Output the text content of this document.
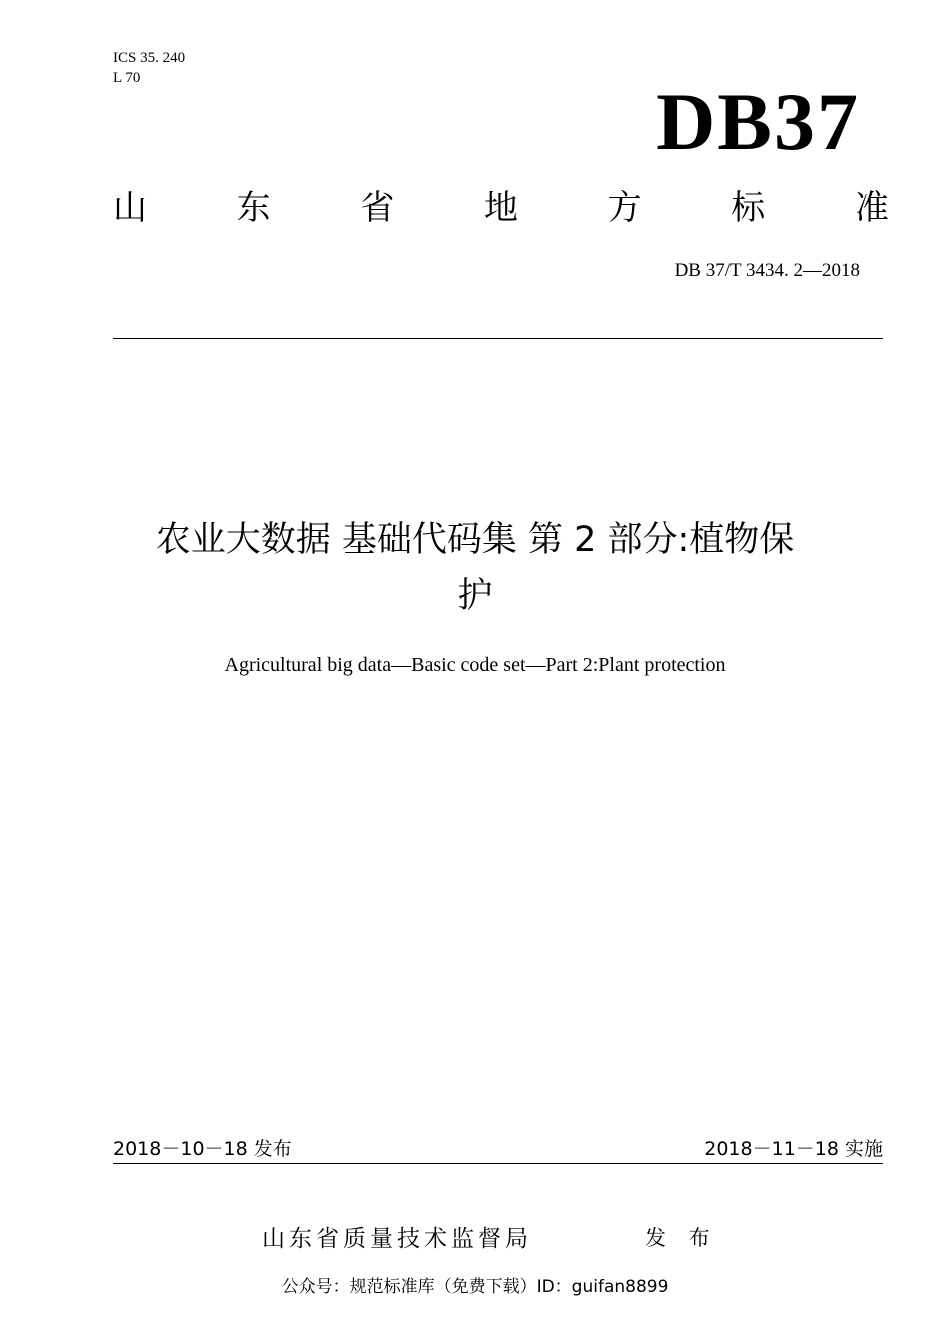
ICS 35. 240
L 70	DB37
山	东	省	地	方	标	准
DB 37/T 3434. 2—2018
农业大数据 基础代码集 第 2 部分:植物保
护
Agricultural big data—Basic code set—Part 2:Plant protection
2018－10－18 发布	2018－11－18 实施
山东省质量技术监督局	发 布
公众号：规范标准库（免费下载）ID：guifan8899
